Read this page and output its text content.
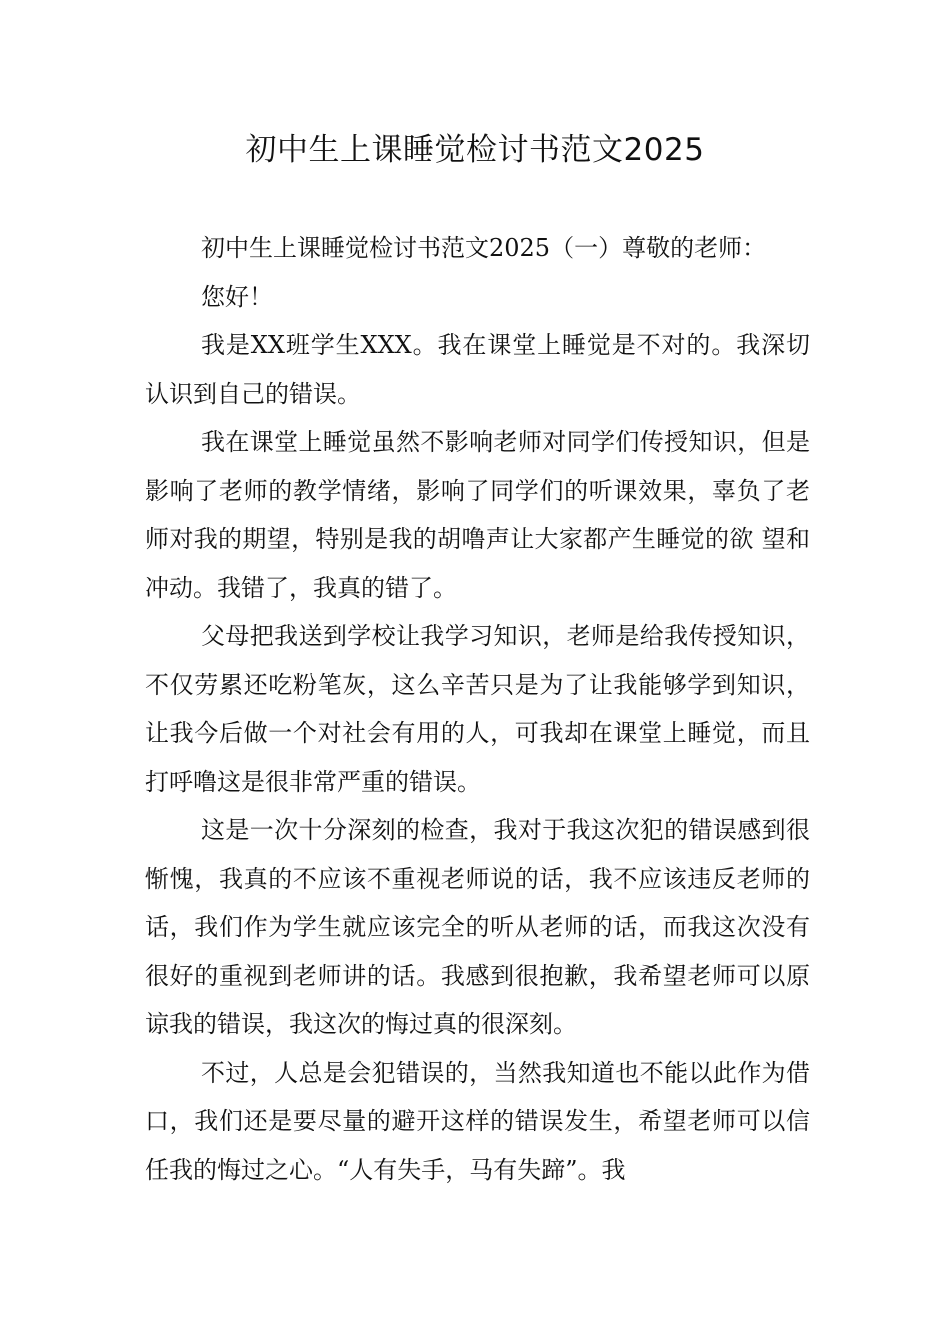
初中生上课睡觉检讨书范文2025

初中生上课睡觉检讨书范文2025（一）尊敬的老师：

您好！

我是XX班学生XXX。我在课堂上睡觉是不对的。我深切认识到自己的错误。

我在课堂上睡觉虽然不影响老师对同学们传授知识，但是影响了老师的教学情绪，影响了同学们的听课效果，辜负了老师对我的期望，特别是我的胡噜声让大家都产生睡觉的欲 望和冲动。我错了，我真的错了。

父母把我送到学校让我学习知识，老师是给我传授知识，不仅劳累还吃粉笔灰，这么辛苦只是为了让我能够学到知识，让我今后做一个对社会有用的人，可我却在课堂上睡觉，而且打呼噜这是很非常严重的错误。

这是一次十分深刻的检查，我对于我这次犯的错误感到很惭愧，我真的不应该不重视老师说的话，我不应该违反老师的话，我们作为学生就应该完全的听从老师的话，而我这次没有很好的重视到老师讲的话。我感到很抱歉，我希望老师可以原谅我的错误，我这次的悔过真的很深刻。

不过，人总是会犯错误的，当然我知道也不能以此作为借口，我们还是要尽量的避开这样的错误发生，希望老师可以信任我的悔过之心。“人有失手，马有失蹄”。我
